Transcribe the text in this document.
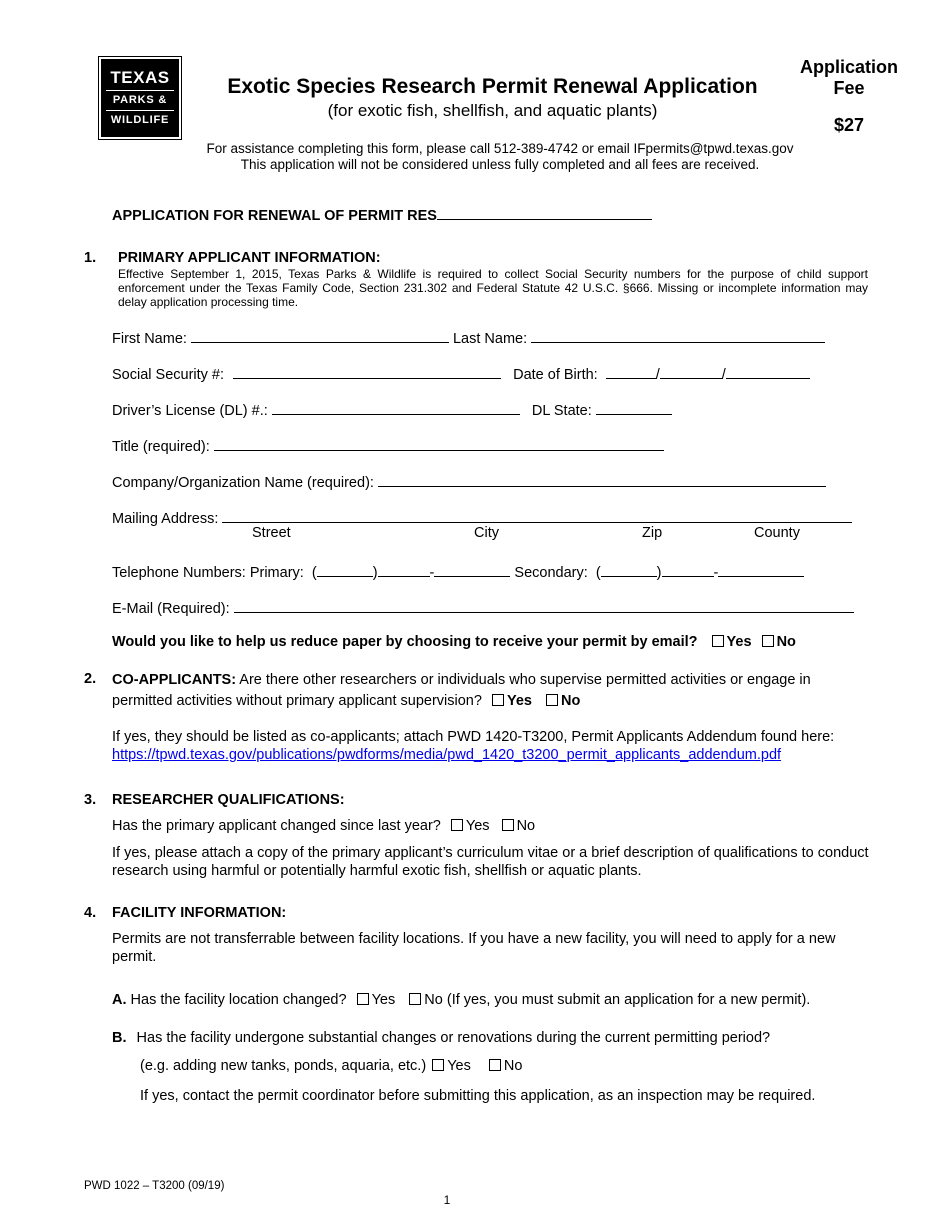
TEXAS
PARKS &
WILDLIFE
Exotic Species Research Permit Renewal Application
(for exotic fish, shellfish, and aquatic plants)
Application
Fee
$27
For assistance completing this form, please call 512-389-4742 or email IFpermits@tpwd.texas.gov
This application will not be considered unless fully completed and all fees are received.
APPLICATION FOR RENEWAL OF PERMIT RES
1. PRIMARY APPLICANT INFORMATION:
Effective September 1, 2015, Texas Parks & Wildlife is required to collect Social Security numbers for the purpose of child support enforcement under the Texas Family Code, Section 231.302 and Federal Statute 42 U.S.C. §666. Missing or incomplete information may delay application processing time.
First Name:	Last Name:
Social Security #:	Date of Birth:	/	/
Driver’s License (DL) #.:	DL State:
Title (required):
Company/Organization Name (required):
Mailing Address:
Street	City	Zip	County
Telephone Numbers: Primary:  (	)	-	Secondary:  (	)	-
E-Mail (Required):
Would you like to help us reduce paper by choosing to receive your permit by email? Yes No
2. CO-APPLICANTS: Are there other researchers or individuals who supervise permitted activities or engage in
permitted activities without primary applicant supervision? Yes No
If yes, they should be listed as co-applicants; attach PWD 1420-T3200, Permit Applicants Addendum found here: https://tpwd.texas.gov/publications/pwdforms/media/pwd_1420_t3200_permit_applicants_addendum.pdf
3. RESEARCHER QUALIFICATIONS:
Has the primary applicant changed since last year? Yes No
If yes, please attach a copy of the primary applicant’s curriculum vitae or a brief description of qualifications to conduct research using harmful or potentially harmful exotic fish, shellfish or aquatic plants.
4. FACILITY INFORMATION:
Permits are not transferrable between facility locations. If you have a new facility, you will need to apply for a new permit.
A. Has the facility location changed? Yes No (If yes, you must submit an application for a new permit).
B. Has the facility undergone substantial changes or renovations during the current permitting period?
(e.g. adding new tanks, ponds, aquaria, etc.) Yes No
If yes, contact the permit coordinator before submitting this application, as an inspection may be required.
PWD 1022 – T3200 (09/19)
1
